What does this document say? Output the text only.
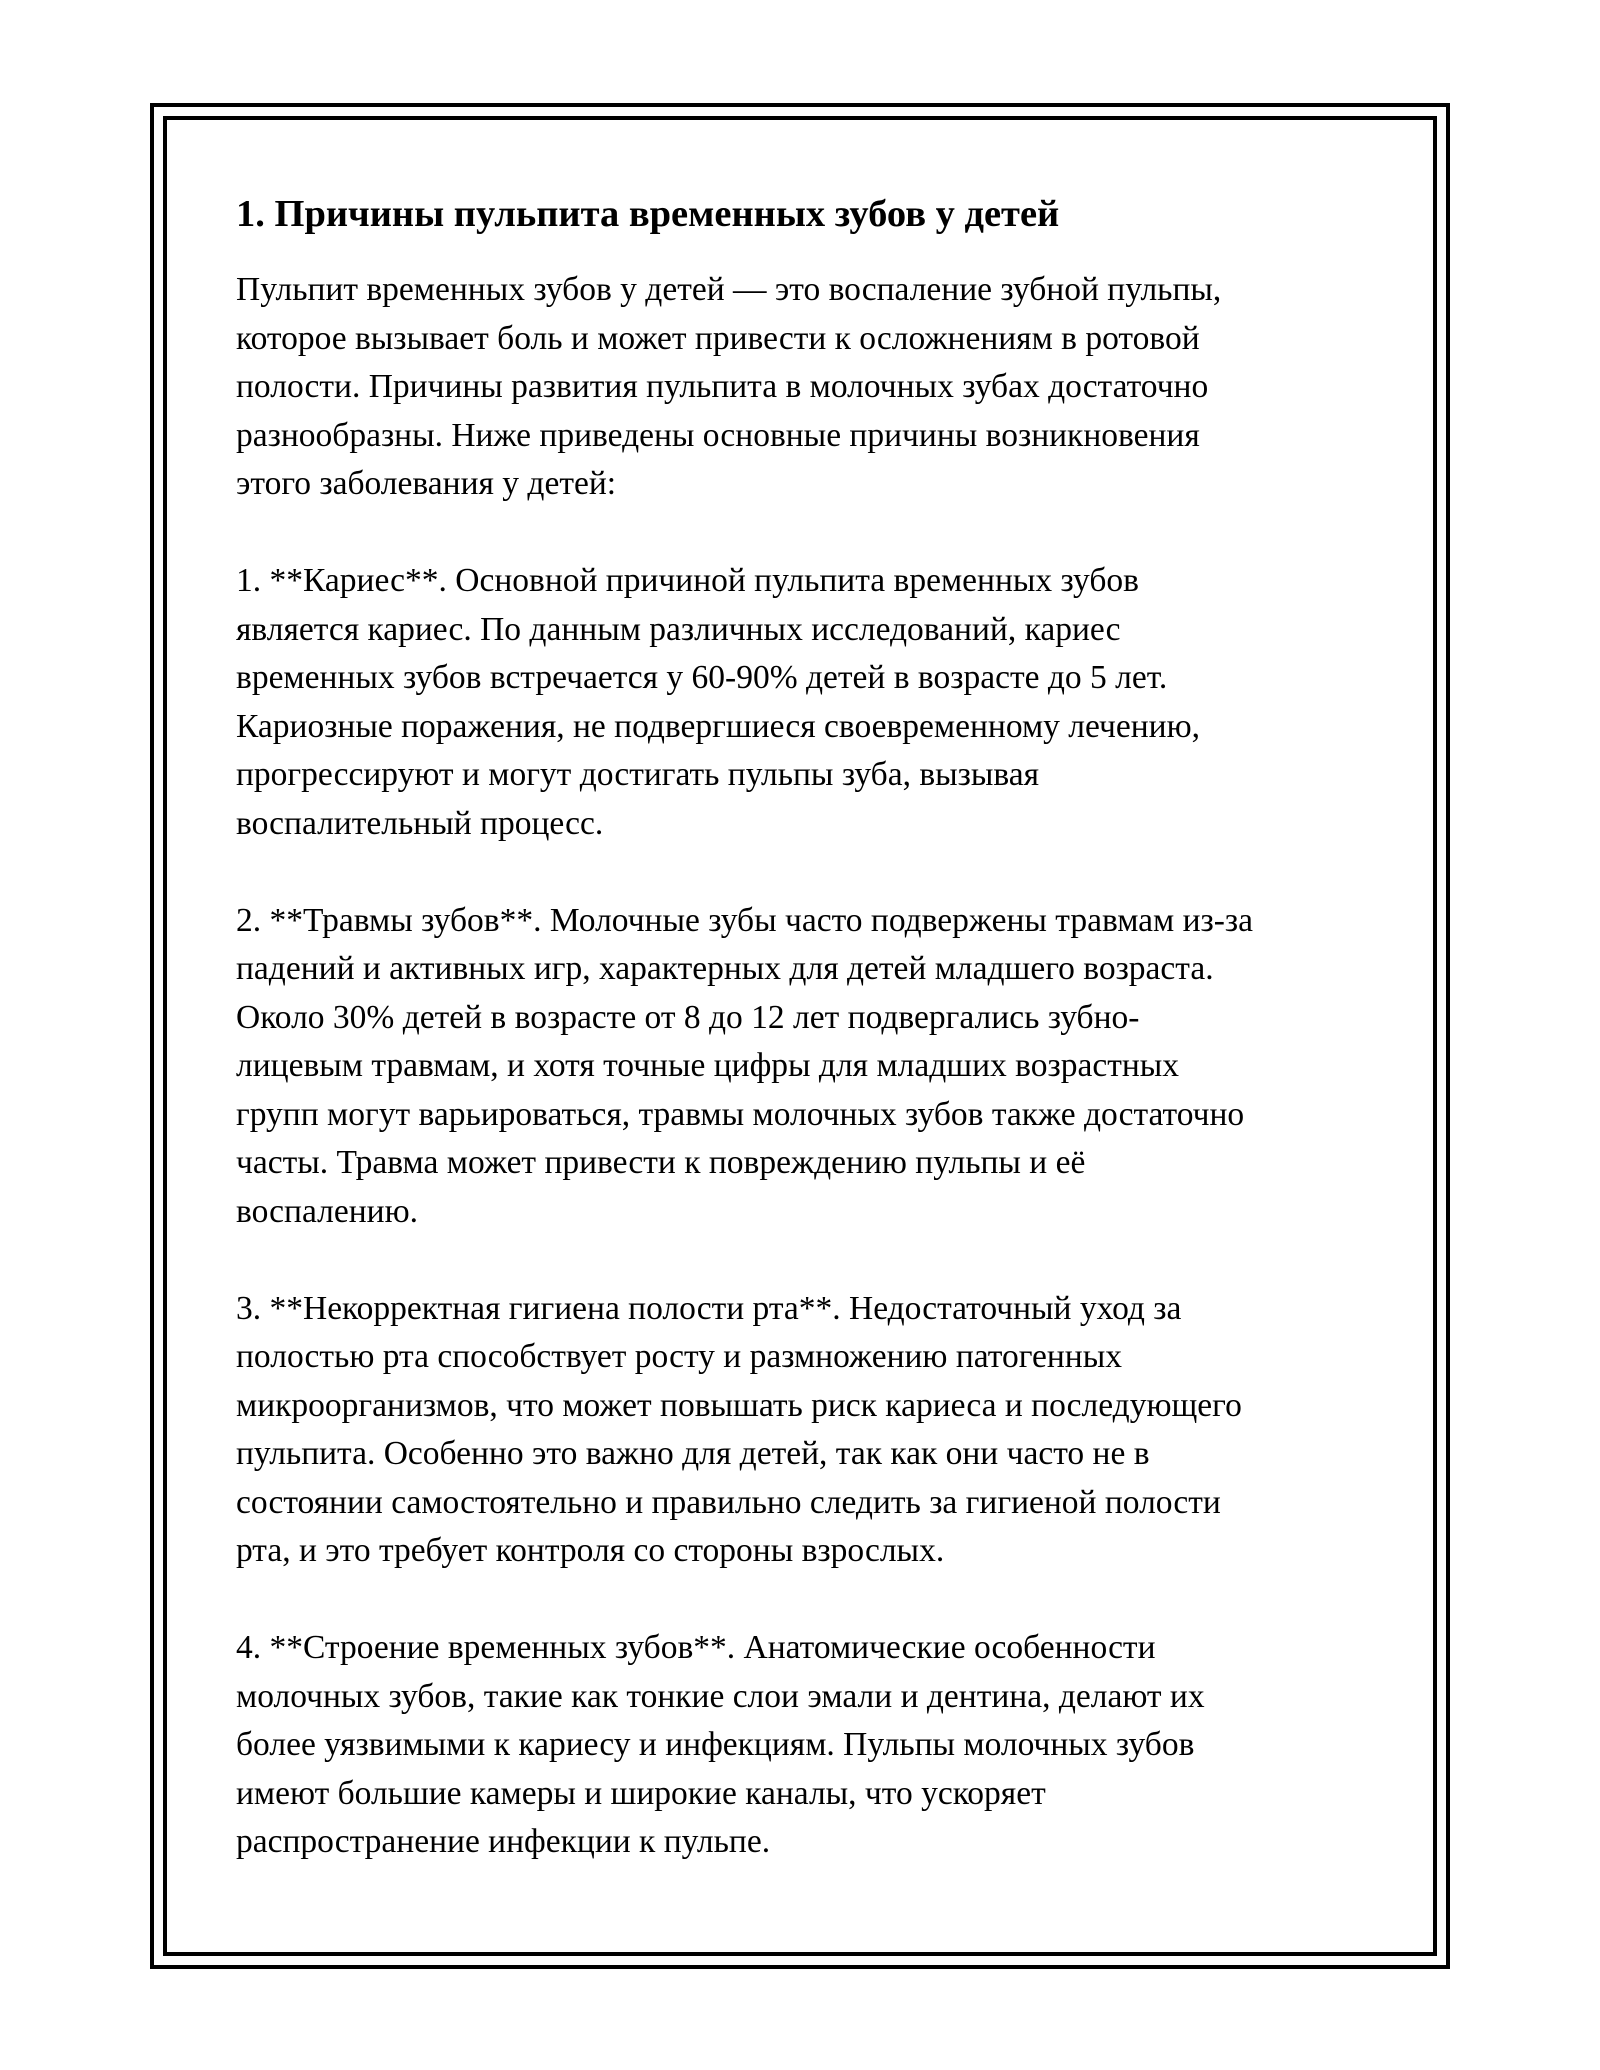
1. Причины пульпита временных зубов у детей

Пульпит временных зубов у детей — это воспаление зубной пульпы,
которое вызывает боль и может привести к осложнениям в ротовой
полости. Причины развития пульпита в молочных зубах достаточно
разнообразны. Ниже приведены основные причины возникновения
этого заболевания у детей:

1. **Кариес**. Основной причиной пульпита временных зубов
является кариес. По данным различных исследований, кариес
временных зубов встречается у 60-90% детей в возрасте до 5 лет.
Кариозные поражения, не подвергшиеся своевременному лечению,
прогрессируют и могут достигать пульпы зуба, вызывая
воспалительный процесс.

2. **Травмы зубов**. Молочные зубы часто подвержены травмам из-за
падений и активных игр, характерных для детей младшего возраста.
Около 30% детей в возрасте от 8 до 12 лет подвергались зубно-
лицевым травмам, и хотя точные цифры для младших возрастных
групп могут варьироваться, травмы молочных зубов также достаточно
часты. Травма может привести к повреждению пульпы и её
воспалению.

3. **Некорректная гигиена полости рта**. Недостаточный уход за
полостью рта способствует росту и размножению патогенных
микроорганизмов, что может повышать риск кариеса и последующего
пульпита. Особенно это важно для детей, так как они часто не в
состоянии самостоятельно и правильно следить за гигиеной полости
рта, и это требует контроля со стороны взрослых.

4. **Строение временных зубов**. Анатомические особенности
молочных зубов, такие как тонкие слои эмали и дентина, делают их
более уязвимыми к кариесу и инфекциям. Пульпы молочных зубов
имеют большие камеры и широкие каналы, что ускоряет
распространение инфекции к пульпе.
